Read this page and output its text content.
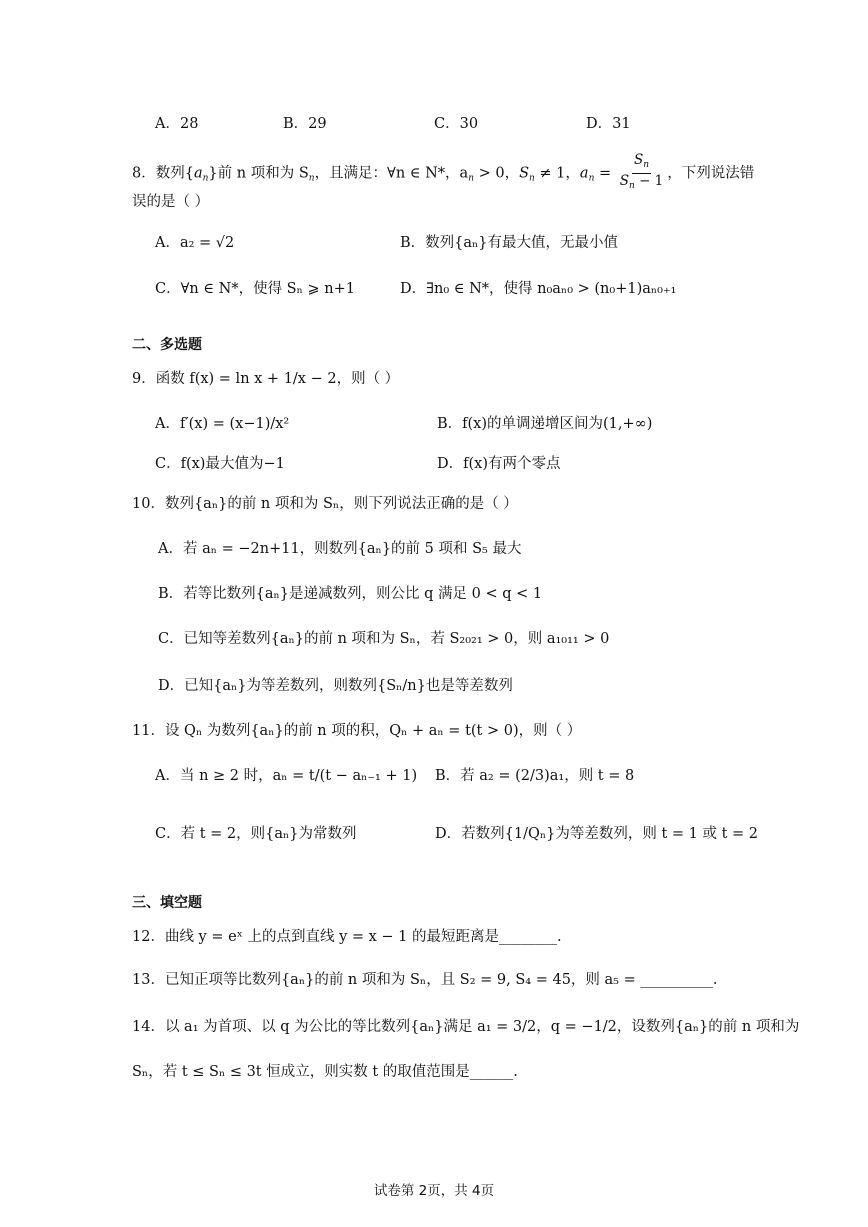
A．28	B．29	C．30	D．31
8．数列$\{a_n\}$前 n 项和为 $S_n$，且满足：∀n ∈ N*，$a_n > 0$，$S_n \ne 1$，$a_n = \frac{S_n}{S_n - 1}$ ，下列说法错
误的是（ ）
A．a₂ = √2	B．数列{aₙ}有最大值，无最小值
C．∀n ∈ N*，使得 Sₙ ⩾ n+1	D．∃n₀ ∈ N*，使得 n₀aₙ₀ > (n₀+1)aₙ₀₊₁
二、多选题
9．函数 f(x) = ln x + 1/x − 2，则（ ）
A．f′(x) = (x−1)/x²	B．f(x)的单调递增区间为(1,+∞)
C．f(x)最大值为−1	D．f(x)有两个零点
10．数列{aₙ}的前 n 项和为 Sₙ，则下列说法正确的是（ ）
A．若 aₙ = −2n+11，则数列{aₙ}的前 5 项和 S₅ 最大
B．若等比数列{aₙ}是递减数列，则公比 q 满足 0 < q < 1
C．已知等差数列{aₙ}的前 n 项和为 Sₙ，若 S₂₀₂₁ > 0，则 a₁₀₁₁ > 0
D．已知{aₙ}为等差数列，则数列{Sₙ/n}也是等差数列
11．设 Qₙ 为数列{aₙ}的前 n 项的积，Qₙ + aₙ = t(t > 0)，则（ ）
A．当 n ≥ 2 时，aₙ = t/(t − aₙ₋₁ + 1) B．若 a₂ = (2/3)a₁，则 t = 8
C．若 t = 2，则{aₙ}为常数列	D．若数列{1/Qₙ}为等差数列，则 t = 1 或 t = 2
三、填空题
12．曲线 y = eˣ 上的点到直线 y = x − 1 的最短距离是________.
13．已知正项等比数列{aₙ}的前 n 项和为 Sₙ，且 S₂ = 9, S₄ = 45，则 a₅ = __________.
14．以 a₁ 为首项、以 q 为公比的等比数列{aₙ}满足 a₁ = 3/2，q = −1/2，设数列{aₙ}的前 n 项和为
Sₙ，若 t ≤ Sₙ ≤ 3t 恒成立，则实数 t 的取值范围是______.
试卷第 2页，共 4页
